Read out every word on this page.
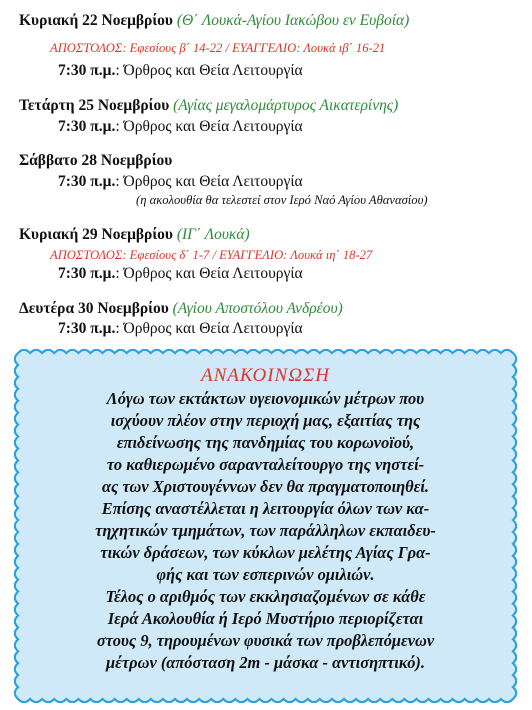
Κυριακή 22 Νοεμβρίου (Θ΄ Λουκά-Αγίου Ιακώβου εν Ευβοία)
ΑΠΟΣΤΟΛΟΣ: Εφεσίους β΄ 14-22 / ΕΥΑΓΓΕΛΙΟ: Λουκά ιβ΄ 16-21
7:30 π.μ.: Όρθρος και Θεία Λειτουργία
Τετάρτη 25 Νοεμβρίου (Αγίας μεγαλομάρτυρος Αικατερίνης)
7:30 π.μ.: Όρθρος και Θεία Λειτουργία
Σάββατο 28 Νοεμβρίου
7:30 π.μ.: Όρθρος και Θεία Λειτουργία
(η ακολουθία θα τελεστεί στον Ιερό Ναό Αγίου Αθανασίου)
Κυριακή 29 Νοεμβρίου (ΙΓ΄ Λουκά)
ΑΠΟΣΤΟΛΟΣ: Εφεσίους δ΄ 1-7 / ΕΥΑΓΓΕΛΙΟ: Λουκά ιη΄ 18-27
7:30 π.μ.: Όρθρος και Θεία Λειτουργία
Δευτέρα 30 Νοεμβρίου (Αγίου Αποστόλου Ανδρέου)
7:30 π.μ.: Όρθρος και Θεία Λειτουργία
ΑΝΑΚΟΙΝΩΣΗ
Λόγω των εκτάκτων υγειονομικών μέτρων που
ισχύουν πλέον στην περιοχή μας, εξαιτίας της
επιδείνωσης της πανδημίας του κορωνοϊού,
το καθιερωμένο σαρανταλείτουργο της νηστεί-
ας των Χριστουγέννων δεν θα πραγματοποιηθεί.
Επίσης αναστέλλεται η λειτουργία όλων των κα-
τηχητικών τμημάτων, των παράλληλων εκπαιδευ-
τικών δράσεων, των κύκλων μελέτης Αγίας Γρα-
φής και των εσπερινών ομιλιών.
Τέλος ο αριθμός των εκκλησιαζομένων σε κάθε
Ιερά Ακολουθία ή Ιερό Μυστήριο περιορίζεται
στους 9, τηρουμένων φυσικά των προβλεπόμενων
μέτρων (απόσταση 2m - μάσκα - αντισηπτικό).
